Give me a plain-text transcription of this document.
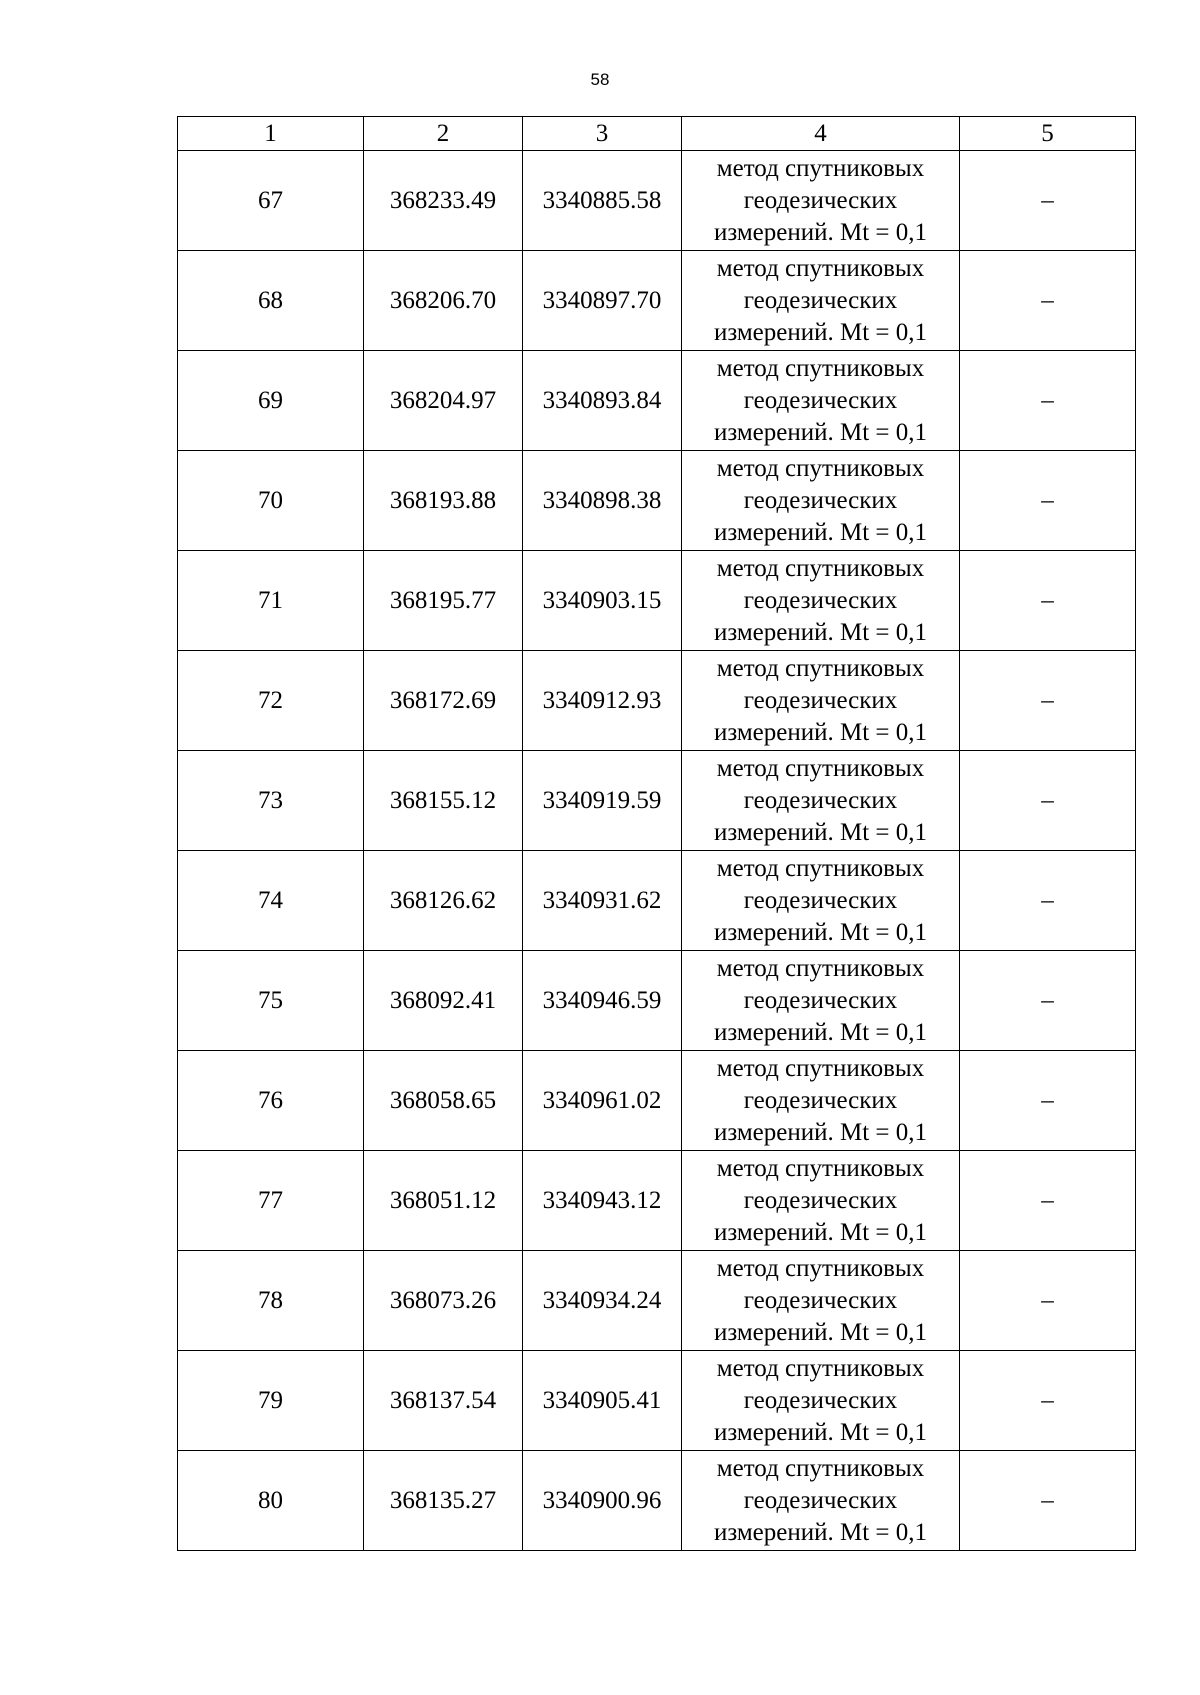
58
1	2	3	4	5
67	368233.49	3340885.58	метод спутниковых
геодезических
измерений. Mt = 0,1	–
68	368206.70	3340897.70	метод спутниковых
геодезических
измерений. Mt = 0,1	–
69	368204.97	3340893.84	метод спутниковых
геодезических
измерений. Mt = 0,1	–
70	368193.88	3340898.38	метод спутниковых
геодезических
измерений. Mt = 0,1	–
71	368195.77	3340903.15	метод спутниковых
геодезических
измерений. Mt = 0,1	–
72	368172.69	3340912.93	метод спутниковых
геодезических
измерений. Mt = 0,1	–
73	368155.12	3340919.59	метод спутниковых
геодезических
измерений. Mt = 0,1	–
74	368126.62	3340931.62	метод спутниковых
геодезических
измерений. Mt = 0,1	–
75	368092.41	3340946.59	метод спутниковых
геодезических
измерений. Mt = 0,1	–
76	368058.65	3340961.02	метод спутниковых
геодезических
измерений. Mt = 0,1	–
77	368051.12	3340943.12	метод спутниковых
геодезических
измерений. Mt = 0,1	–
78	368073.26	3340934.24	метод спутниковых
геодезических
измерений. Mt = 0,1	–
79	368137.54	3340905.41	метод спутниковых
геодезических
измерений. Mt = 0,1	–
80	368135.27	3340900.96	метод спутниковых
геодезических
измерений. Mt = 0,1	–
